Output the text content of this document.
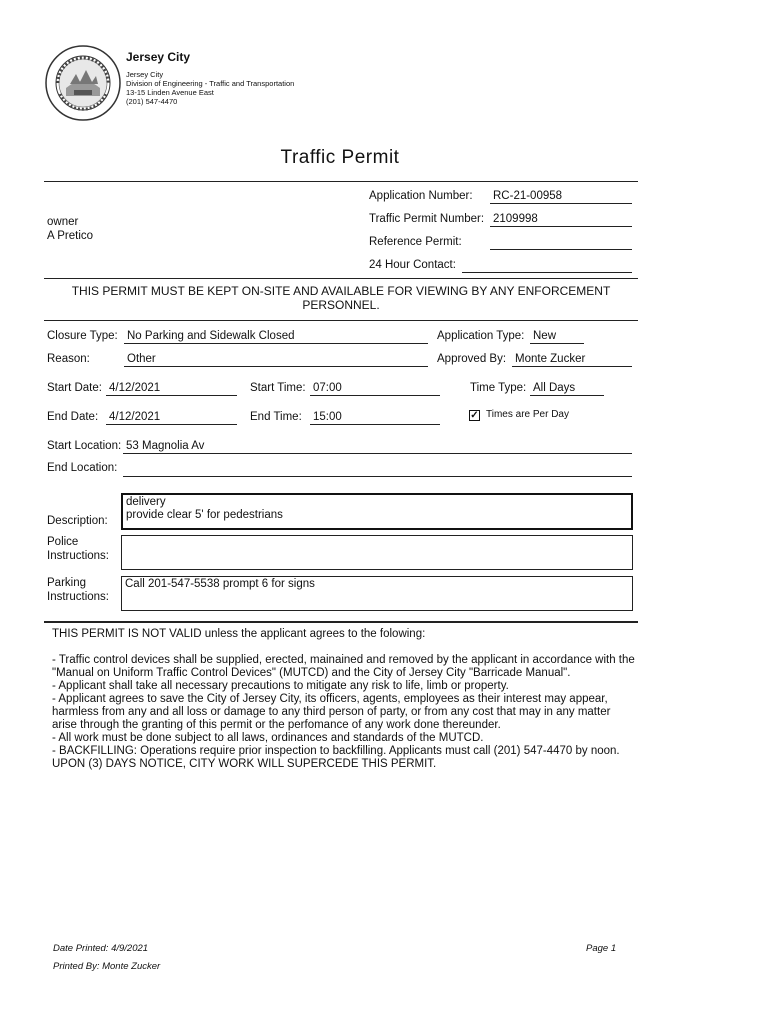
Jersey City
Jersey City
Division of Engineering - Traffic and Transportation
13-15 Linden Avenue East
(201) 547-4470
Traffic Permit
owner
A Pretico
Application Number: RC-21-00958
Traffic Permit Number: 2109998
Reference Permit:
24 Hour Contact:
THIS PERMIT MUST BE KEPT ON-SITE AND AVAILABLE FOR VIEWING BY ANY ENFORCEMENT PERSONNEL.
Closure Type: No Parking and Sidewalk Closed	Application Type: New
Reason:	Other	Approved By: Monte Zucker
Start Date: 4/12/2021	Start Time: 07:00	Time Type: All Days
End Date: 4/12/2021	End Time: 15:00	✓ Times are Per Day
Start Location: 53 Magnolia Av
End Location:
Description:
delivery
provide clear 5' for pedestrians
Police
Instructions:
Parking
Instructions:
Call 201-547-5538 prompt 6 for signs

THIS PERMIT IS NOT VALID unless the applicant agrees to the folowing:

- Traffic control devices shall be supplied, erected, mainained and removed by the applicant in accordance with the "Manual on Uniform Traffic Control Devices" (MUTCD) and the City of Jersey City "Barricade Manual".

- Applicant shall take all necessary precautions to mitigate any risk to life, limb or property.

- Applicant agrees to save the City of Jersey City, its officers, agents, employees as their interest may appear, harmless from any and all loss or damage to any third person of party, or from any cost that may in any matter arise through the granting of this permit or the perfomance of any work done thereunder.

- All work must be done subject to all laws, ordinances and standards of the MUTCD.

- BACKFILLING: Operations require prior inspection to backfilling. Applicants must call (201) 547-4470 by noon.

UPON (3) DAYS NOTICE, CITY WORK WILL SUPERCEDE THIS PERMIT.

Date Printed: 4/9/2021
Printed By: Monte Zucker
Page 1
